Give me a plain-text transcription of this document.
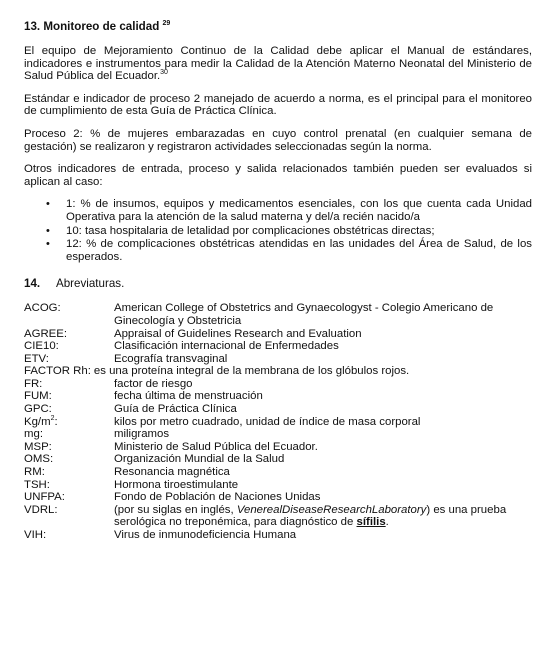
13. Monitoreo de calidad $^{29}$

El equipo de Mejoramiento Continuo de la Calidad debe aplicar el Manual de estándares, indicadores e instrumentos para medir la Calidad de la Atención Materno Neonatal del Ministerio de Salud Pública del Ecuador.$^{30}$

Estándar e indicador de proceso 2 manejado de acuerdo a norma, es el principal para el monitoreo de cumplimiento de esta Guía de Práctica Clínica.

Proceso 2: % de mujeres embarazadas en cuyo control prenatal (en cualquier semana de gestación) se realizaron y registraron actividades seleccionadas según la norma.

Otros indicadores de entrada, proceso y salida relacionados también pueden ser evaluados si aplican al caso:

• 1: % de insumos, equipos y medicamentos esenciales, con los que cuenta cada Unidad Operativa para la atención de la salud materna y del/a recién nacido/a
• 10: tasa hospitalaria de letalidad por complicaciones obstétricas directas;
• 12: % de complicaciones obstétricas atendidas en las unidades del Área de Salud, de los esperados.
14. Abreviaturas.
ACOG:	American College of Obstetrics and Gynaecologyst - Colegio Americano de Ginecología y Obstetricia
AGREE:	Appraisal of Guidelines Research and Evaluation
CIE10:	Clasificación internacional de Enfermedades
ETV:	Ecografía transvaginal
FACTOR Rh: es una proteína integral de la membrana de los glóbulos rojos.
FR:	factor de riesgo
FUM:	fecha última de menstruación
GPC:	Guía de Práctica Clínica
$Kg/m^2$:	kilos por metro cuadrado, unidad de índice de masa corporal
mg:	miligramos
MSP:	Ministerio de Salud Pública del Ecuador.
OMS:	Organización Mundial de la Salud
RM:	Resonancia magnética
TSH:	Hormona tiroestimulante
UNFPA:	Fondo de Población de Naciones Unidas
VDRL:	(por su siglas en inglés, VenerealDiseaseResearchLaboratory) es una prueba serológica no treponémica, para diagnóstico de sífilis.
VIH:	Virus de inmunodeficiencia Humana
